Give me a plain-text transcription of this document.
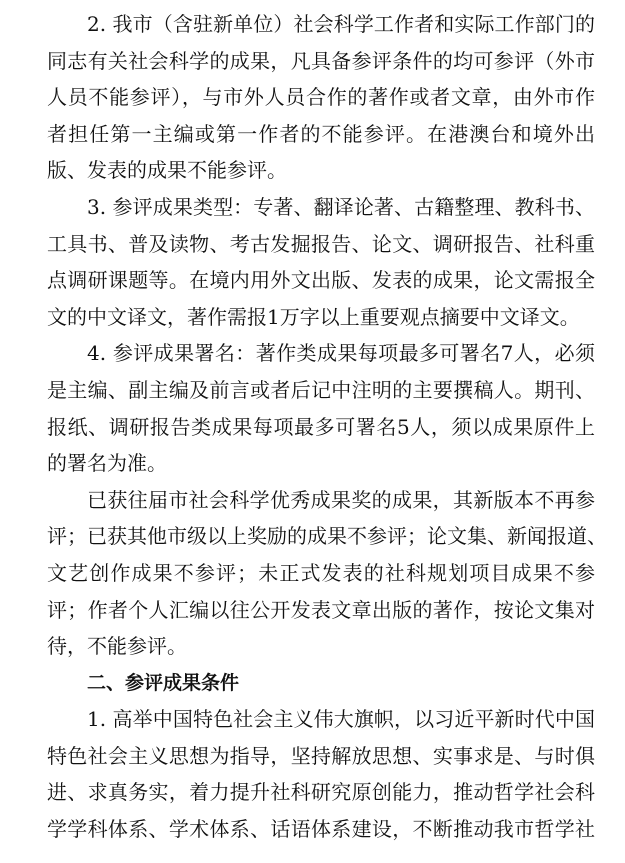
2. 我市（含驻新单位）社会科学工作者和实际工作部门的
同志有关社会科学的成果，凡具备参评条件的均可参评（外市
人员不能参评），与市外人员合作的著作或者文章，由外市作
者担任第一主编或第一作者的不能参评。在港澳台和境外出
版、发表的成果不能参评。
3. 参评成果类型：专著、翻译论著、古籍整理、教科书、
工具书、普及读物、考古发掘报告、论文、调研报告、社科重
点调研课题等。在境内用外文出版、发表的成果，论文需报全
文的中文译文，著作需报1万字以上重要观点摘要中文译文。
4. 参评成果署名：著作类成果每项最多可署名7人，必须
是主编、副主编及前言或者后记中注明的主要撰稿人。期刊、
报纸、调研报告类成果每项最多可署名5人，须以成果原件上
的署名为准。
已获往届市社会科学优秀成果奖的成果，其新版本不再参
评；已获其他市级以上奖励的成果不参评；论文集、新闻报道、
文艺创作成果不参评；未正式发表的社科规划项目成果不参
评；作者个人汇编以往公开发表文章出版的著作，按论文集对
待，不能参评。
二、参评成果条件
1. 高举中国特色社会主义伟大旗帜，以习近平新时代中国
特色社会主义思想为指导，坚持解放思想、实事求是、与时俱
进、求真务实，着力提升社科研究原创能力，推动哲学社会科
学学科体系、学术体系、话语体系建设，不断推动我市哲学社
